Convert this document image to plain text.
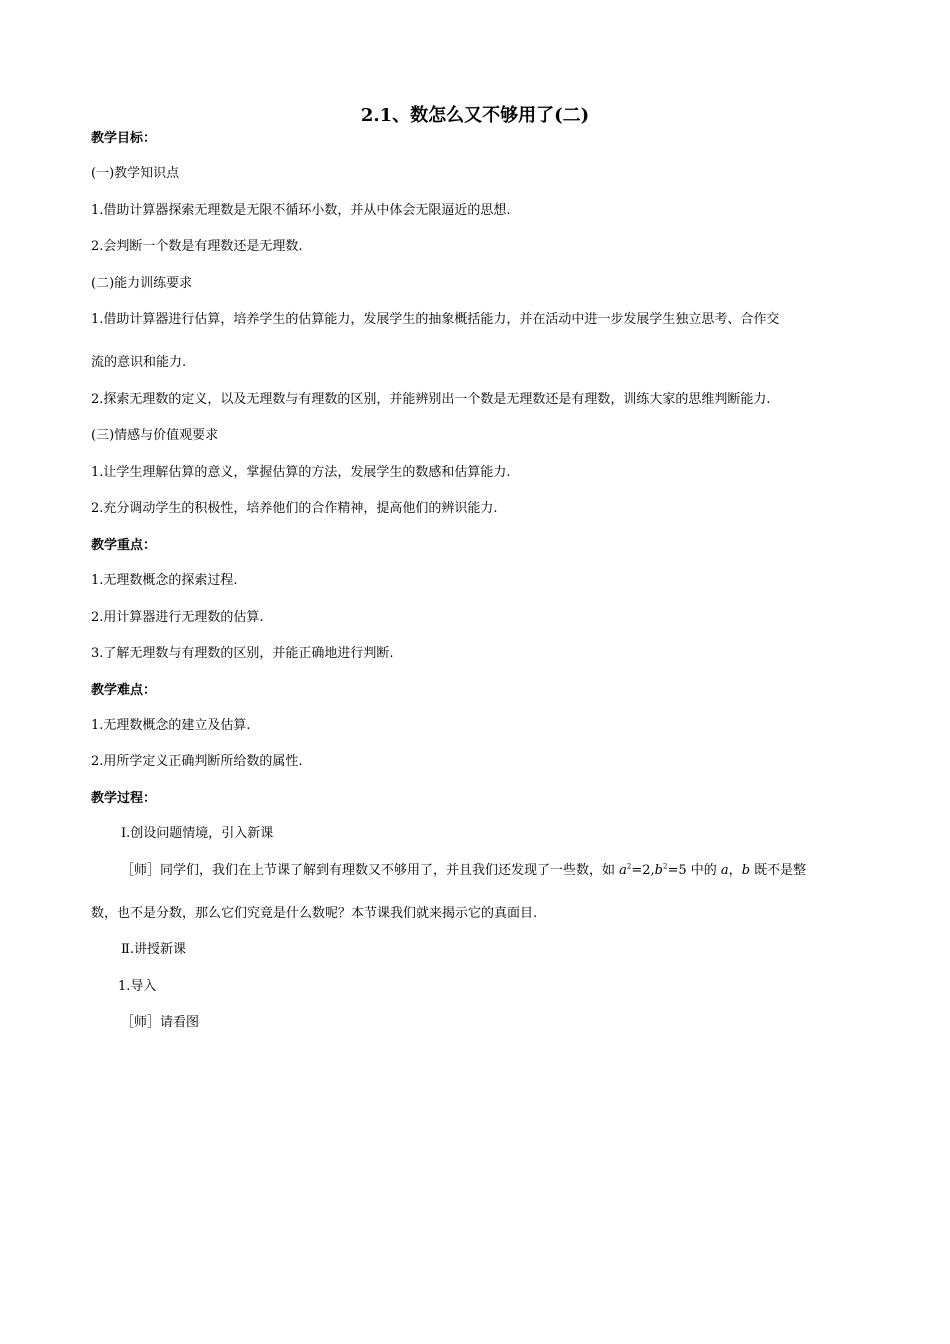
2.1、数怎么又不够用了(二)
教学目标：
(一)教学知识点
1.借助计算器探索无理数是无限不循环小数，并从中体会无限逼近的思想.
2.会判断一个数是有理数还是无理数.
(二)能力训练要求
1.借助计算器进行估算，培养学生的估算能力，发展学生的抽象概括能力，并在活动中进一步发展学生独立思考、合作交
流的意识和能力.
2.探索无理数的定义，以及无理数与有理数的区别，并能辨别出一个数是无理数还是有理数，训练大家的思维判断能力.
(三)情感与价值观要求
1.让学生理解估算的意义，掌握估算的方法，发展学生的数感和估算能力.
2.充分调动学生的积极性，培养他们的合作精神，提高他们的辨识能力.
教学重点：
1.无理数概念的探索过程.
2.用计算器进行无理数的估算.
3.了解无理数与有理数的区别，并能正确地进行判断.
教学难点：
1.无理数概念的建立及估算.
2.用所学定义正确判断所给数的属性.
教学过程：
Ⅰ.创设问题情境，引入新课
［师］同学们，我们在上节课了解到有理数又不够用了，并且我们还发现了一些数，如 $a^2=2,b^2=5$ 中的 a，b 既不是整
数，也不是分数，那么它们究竟是什么数呢？本节课我们就来揭示它的真面目.
Ⅱ.讲授新课
1.导入
［师］请看图
